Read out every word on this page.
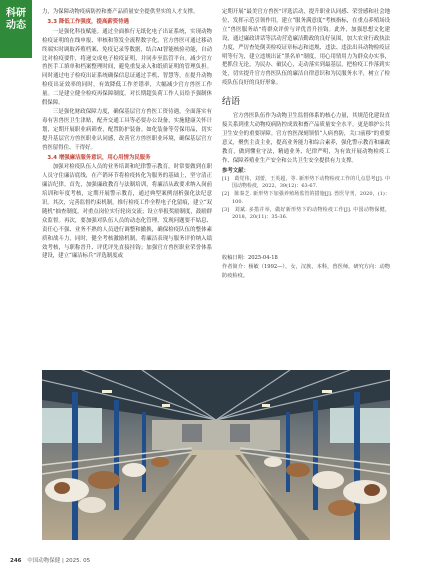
科研
动态

力，为保障动物疫病防控和畜产品质量安全提供坚实的人才支撑。

3.3 降低工作强度，提高薪资待遇

一是强化科技赋能。通过全面推行无纸化电子出证系统，实现动物检疫证明的在线申报、审核和签发全流程数字化。官方兽医可通过移动终端实时调取养殖档案、免疫记录等数据，结合AI智能核验功能，自动比对检疫要件，将递交成电子检疫证明，并同步至监管平台。减少官方兽医手工填单和档案整理时间，避免重复录入和纸质证明的管理负担。同时通过电子检疫出证系统确保信息证通过手机、智慧等，在提升动物检疫出证效率的同时，有效降低工作差错率，大幅减少官方兽医工作量。二是建立健全检疫再保障制度。对长期超负荷工作人员给予强制休假保障。

三是强化财政保障力度，确保基层官方兽医工资待遇，全面落实有毒有害兽医卫生津贴，配齐交通工具等必要办公设备，实施健康关怀计划，定期开展职业病筛查，配置防护装备。如化装备等劳保用品，切实提升基层官方兽医职业认同感，改善官方兽医职业环境，确保基层官方兽医留得住、干得好。

3.4 增强廉洁服务意识，用心用情为民服务

加强对检疫队伍人员的业务培训和纪律警示教育，时常要做到在职人员守住廉洁底线，在产销环节将检疫转化为服务的基础上，坚守清正廉洁纪律。首先，加强廉政教育与法制培训，将廉洁从政要求纳入岗前培训和年度考核，定期开展警示教育，通过典型案例剖析强化法纪意识。其次，完善监督约束机制，推行检疫工作全程电子化留痕，建立“双随机”抽查制度，对重点岗位实行轮岗交流；设立举报奖励制度，鼓励群众监督。再次，要加强对队伍人员的动态化管理，发现问题要不姑息、责任心不强、业务不熟的人员进行调整和撤换，确保检疫队伍的整体素质和战斗力，同时，健全考核激励机制，将廉洁表现与服务评价纳入绩效考核，与职称晋升、评优评先直接挂钩；加强官方兽医职业荣誉体系建设，建立“廉洁标兵”评选制度或

定期开展“最美官方兽医”评选活动，提升职业认同感、荣誉感和社会地位，发挥示范引领作用，建立“服务满意度”考核指标，在重点养殖场设立“兽医服务站”将群众评价与评优晋升挂钩。此外，加强思想文化建设，通过廉政讲话等活动营造廉洁勤政的良好氛围，加大农业行政执法力度，严厉查处倒卖检疫证章标志和违规、违法、违法出具动物检疫证明等行为，建立违规出证“黑名单”制度，用心用情用力为群众办实事，把抓住无论，为民办、破民心，走动落实到最基层，把检疫工作落到实处，切实提升官方兽医队伍的廉洁自律意识和为民服务水平，树立了检疫队伍良好的良好形象。

结语

官方兽医队伍作为动物卫生监督体系的核心力量，其规范化建设直接关系到重大动物疫病防控成效和畜产品质量安全水平，更是维护公共卫生安全的重要屏障。官方兽医深刻领悟“人病兽防，关口前移”的重要意义，聚焦主责主业，提高业务能力和综合素养，强化警示教育和廉政教育，做到懂业守法，精通业务、纪律严明，为有效开展动物检疫工作、保障养殖业生产安全和公共卫生安全提供有力支撑。

参考文献：
[1]　葛党伟，刘蕾，王英超，等. 新形势下动物检疫工作的几点思考[J]. 中国动物检疫，2022，39(12)：63-67.
[2]　陈秦芝. 新形势下加强养殖场监管的措施[J]. 兽医导刊，2020，(1)：100.
[3]　刘斌. 多措并举，做好新形势下的动物检疫工作[J]. 中国动物保健，2018，20(11)：35-36.
收稿日期：2025-04-18
作者简介：杨敏（1992—），女，汉族，本科，兽医师，研究方向：动物防疫检疫。
246 中国动物保健 | 2025. 05
